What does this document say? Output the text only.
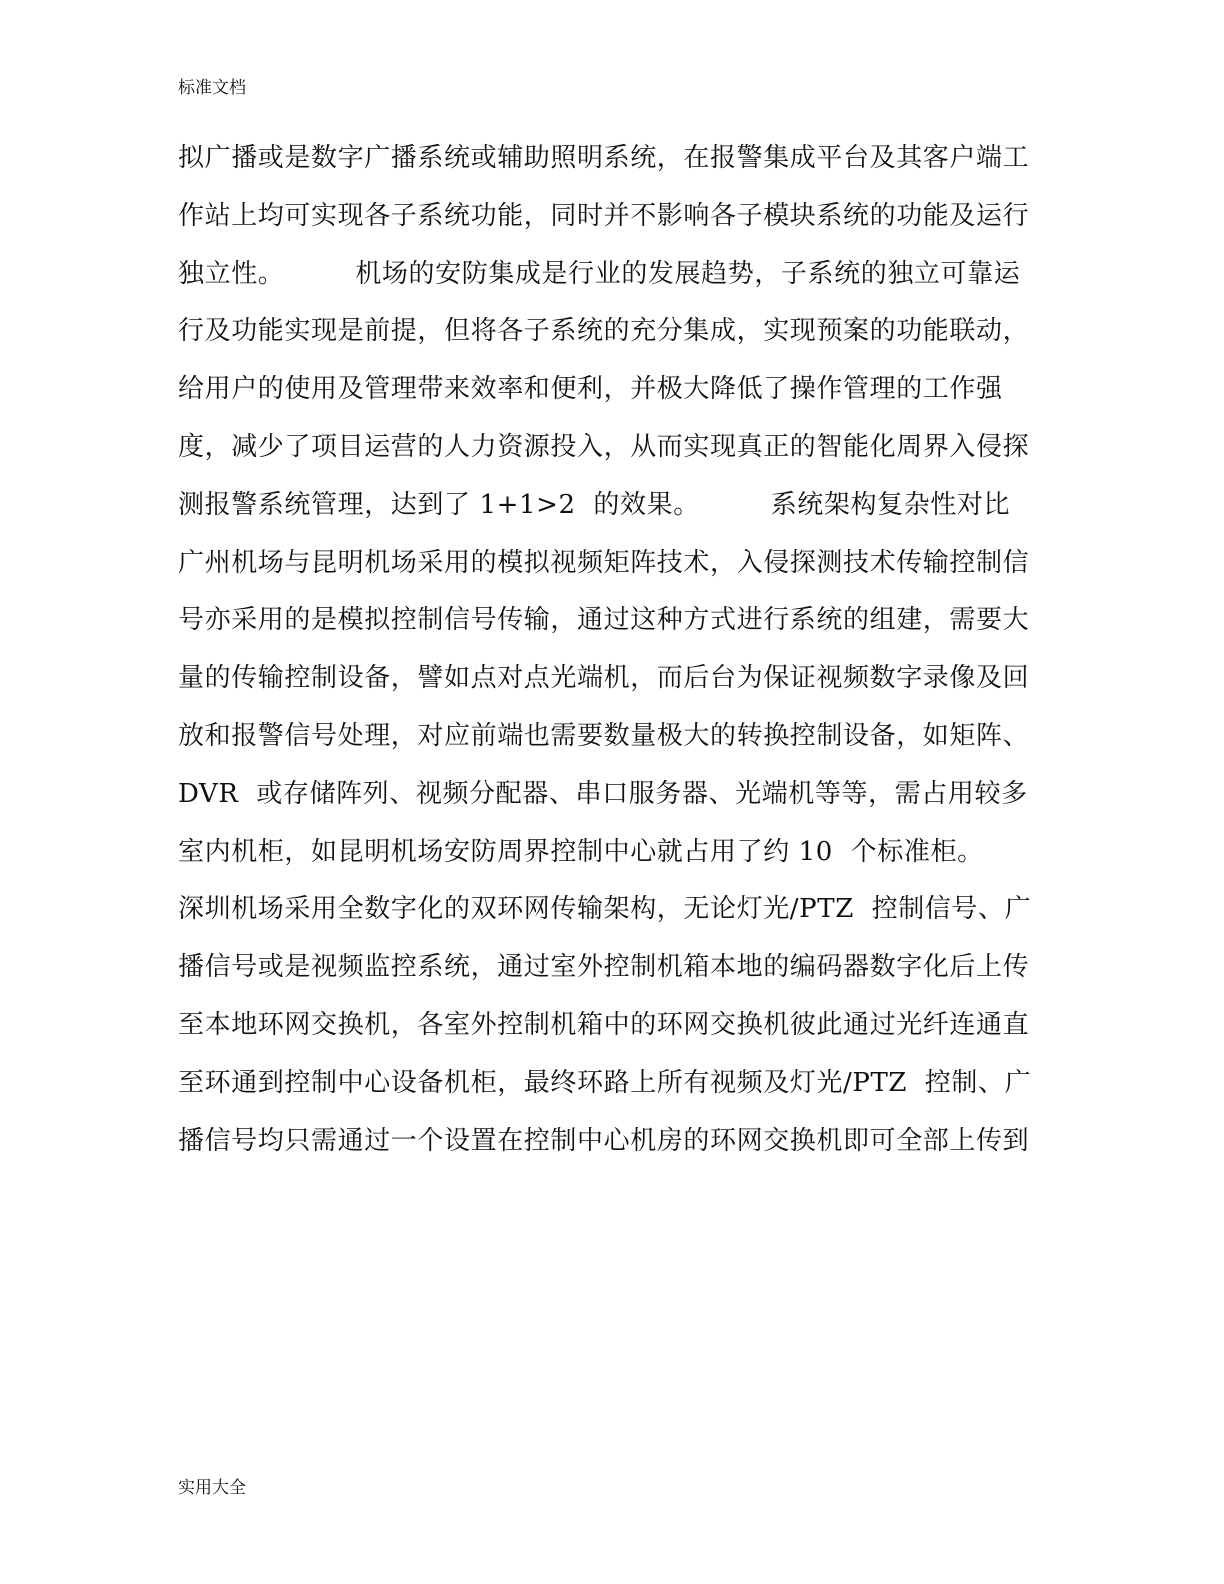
标准文档
拟广播或是数字广播系统或辅助照明系统，在报警集成平台及其客户端工
作站上均可实现各子系统功能，同时并不影响各子模块系统的功能及运行
独立性。        机场的安防集成是行业的发展趋势，子系统的独立可靠运
行及功能实现是前提，但将各子系统的充分集成，实现预案的功能联动，
给用户的使用及管理带来效率和便利，并极大降低了操作管理的工作强
度，减少了项目运营的人力资源投入，从而实现真正的智能化周界入侵探
测报警系统管理，达到了 1+1>2  的效果。        系统架构复杂性对比
广州机场与昆明机场采用的模拟视频矩阵技术，入侵探测技术传输控制信
号亦采用的是模拟控制信号传输，通过这种方式进行系统的组建，需要大
量的传输控制设备，譬如点对点光端机，而后台为保证视频数字录像及回
放和报警信号处理，对应前端也需要数量极大的转换控制设备，如矩阵、
DVR  或存储阵列、视频分配器、串口服务器、光端机等等，需占用较多
室内机柜，如昆明机场安防周界控制中心就占用了约 10  个标准柜。
深圳机场采用全数字化的双环网传输架构，无论灯光/PTZ  控制信号、广
播信号或是视频监控系统，通过室外控制机箱本地的编码器数字化后上传
至本地环网交换机，各室外控制机箱中的环网交换机彼此通过光纤连通直
至环通到控制中心设备机柜，最终环路上所有视频及灯光/PTZ  控制、广
播信号均只需通过一个设置在控制中心机房的环网交换机即可全部上传到
实用大全
